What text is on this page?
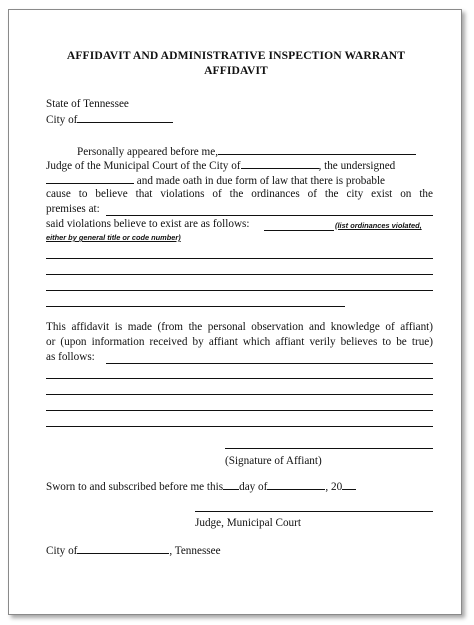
AFFIDAVIT AND ADMINISTRATIVE INSPECTION WARRANT
AFFIDAVIT
State of Tennessee
City of
Personally appeared before me,
Judge of the Municipal Court of the City of	, the undersigned
and made oath in due form of law that there is probable
cause to believe that violations of the ordinances of the city exist on the
premises at:
said violations believe to exist are as follows:	(list ordinances violated,
either by general title or code number)
This affidavit is made (from the personal observation and knowledge of affiant)
or (upon information received by affiant which affiant verily believes to be true)
as follows:
(Signature of Affiant)
Sworn to and subscribed before me this day of	, 20
Judge, Municipal Court
City of	, Tennessee
